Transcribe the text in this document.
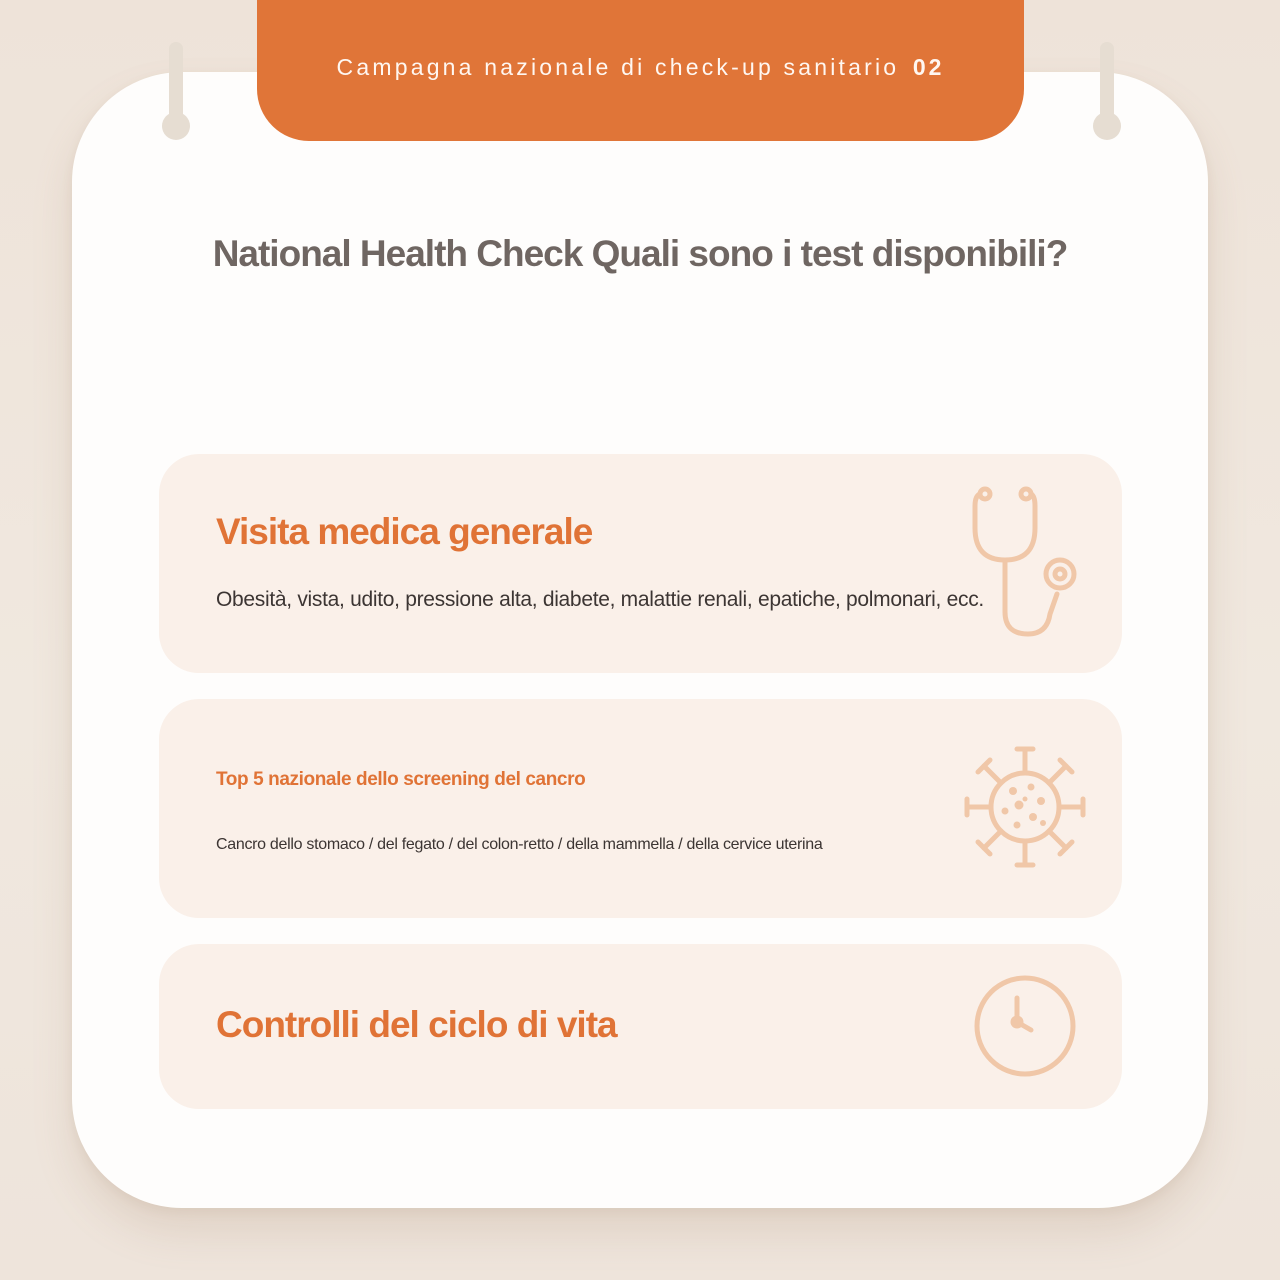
Campagna nazionale di check-up sanitario 02
National Health Check Quali sono i test disponibili?
Visita medica generale
Obesità, vista, udito, pressione alta, diabete, malattie renali, epatiche, polmonari, ecc.
Top 5 nazionale dello screening del cancro
Cancro dello stomaco / del fegato / del colon-retto / della mammella / della cervice uterina
Controlli del ciclo di vita
